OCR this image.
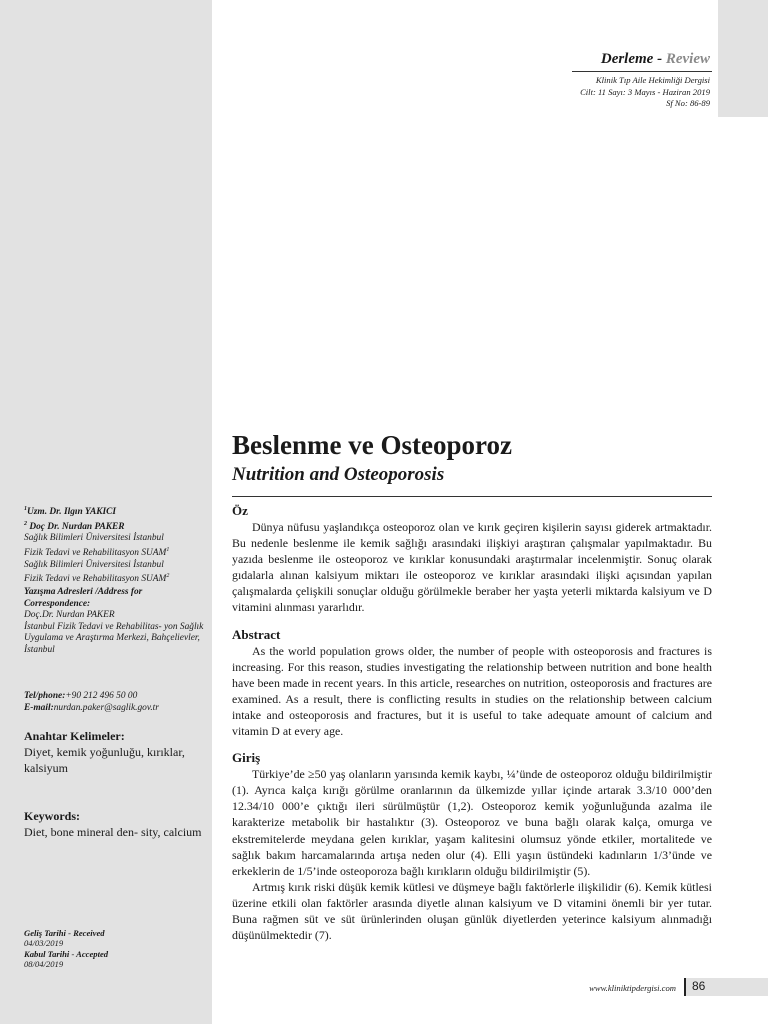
Derleme - Review
Klinik Tıp Aile Hekimliği Dergisi
Cilt: 11 Sayı: 3 Mayıs - Haziran 2019
Sf No: 86-89
Beslenme ve Osteoporoz
Nutrition and Osteoporosis
Öz

Dünya nüfusu yaşlandıkça osteoporoz olan ve kırık geçiren kişilerin sayısı giderek artmaktadır. Bu nedenle beslenme ile kemik sağlığı arasındaki ilişkiyi araştıran çalışmalar yapılmaktadır. Bu yazıda beslenme ile osteoporoz ve kırıklar konusundaki araştırmalar incelenmiştir. Sonuç olarak gıdalarla alınan kalsiyum miktarı ile osteoporoz ve kırıklar arasındaki ilişki açısından yapılan çalışmalarda çelişkili sonuçlar olduğu görülmekle beraber her yaşta yeterli miktarda kalsiyum ve D vitamini alınması yararlıdır.

Abstract

As the world population grows older, the number of people with osteoporosis and fractures is increasing. For this reason, studies investigating the relationship between nutrition and bone health have been made in recent years. In this article, researches on nutrition, osteoporosis and fractures are examined. As a result, there is conflicting results in studies on the relationship between calcium intake and osteoporosis and fractures, but it is useful to take adequate amount of calcium and vitamin D at every age.

Giriş

Türkiye’de ≥50 yaş olanların yarısında kemik kaybı, ¼’ünde de osteoporoz olduğu bildirilmiştir (1). Ayrıca kalça kırığı görülme oranlarının da ülkemizde yıllar içinde artarak 3.3/10 000’den 12.34/10 000’e çıktığı ileri sürülmüştür (1,2). Osteoporoz kemik yoğunluğunda azalma ile karakterize metabolik bir hastalıktır (3). Osteoporoz ve buna bağlı olarak kalça, omurga ve ekstremitelerde meydana gelen kırıklar, yaşam kalitesini olumsuz yönde etkiler, mortalitede ve sağlık bakım harcamalarında artışa neden olur (4). Elli yaşın üstündeki kadınların 1/3’ünde ve erkeklerin de 1/5’inde osteoporoza bağlı kırıkların olduğu bildirilmiştir (5).

Artmış kırık riski düşük kemik kütlesi ve düşmeye bağlı faktörlerle ilişkilidir (6). Kemik kütlesi üzerine etkili olan faktörler arasında diyetle alınan kalsiyum ve D vitamini önemli bir yer tutar. Buna rağmen süt ve süt ürünlerinden oluşan günlük diyetlerden yeterince kalsiyum alınmadığı düşünülmektedir (7).

$^1$Uzm. Dr. Ilgın YAKICI
$^2$ Doç Dr. Nurdan PAKER
Sağlık Bilimleri Üniversitesi İstanbul
Fizik Tedavi ve Rehabilitasyon SUAM$^1$
Sağlık Bilimleri Üniversitesi İstanbul
Fizik Tedavi ve Rehabilitasyon SUAM$^2$
Yazışma Adresleri /Address for Correspondence:
Doç.Dr. Nurdan PAKER
İstanbul Fizik Tedavi ve Rehabilitas- yon Sağlık Uygulama ve Araştırma Merkezi, Bahçelievler, İstanbul
Tel/phone:+90 212 496 50 00
E-mail:nurdan.paker@saglik.gov.tr
Anahtar Kelimeler:
Diyet, kemik yoğunluğu, kırıklar, kalsiyum
Keywords:
Diet, bone mineral den- sity, calcium
Geliş Tarihi - Received
04/03/2019
Kabul Tarihi - Accepted
08/04/2019
www.kliniktipdergisi.com 86
